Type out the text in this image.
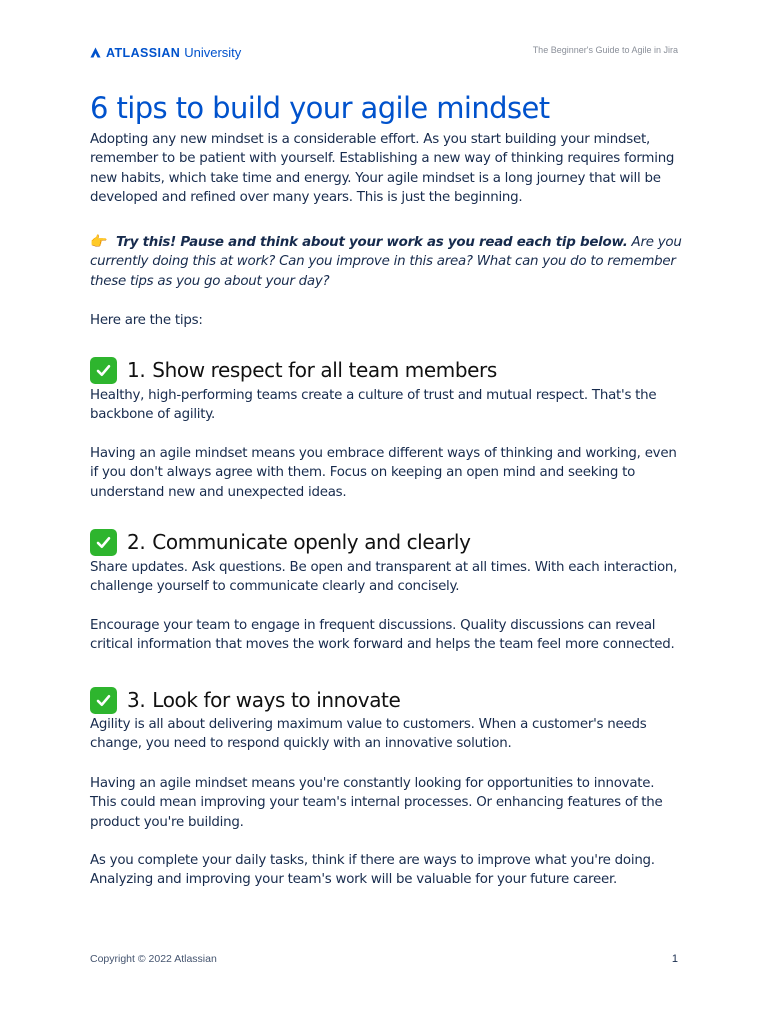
ATLASSIAN University	The Beginner's Guide to Agile in Jira
6 tips to build your agile mindset

Adopting any new mindset is a considerable effort. As you start building your mindset, remember to be patient with yourself. Establishing a new way of thinking requires forming new habits, which take time and energy. Your agile mindset is a long journey that will be developed and refined over many years. This is just the beginning.

👉 Try this! Pause and think about your work as you read each tip below. Are you currently doing this at work? Can you improve in this area? What can you do to remember these tips as you go about your day?

Here are the tips:

1. Show respect for all team members

Healthy, high-performing teams create a culture of trust and mutual respect. That's the backbone of agility.

Having an agile mindset means you embrace different ways of thinking and working, even if you don't always agree with them. Focus on keeping an open mind and seeking to understand new and unexpected ideas.

2. Communicate openly and clearly

Share updates. Ask questions. Be open and transparent at all times. With each interaction, challenge yourself to communicate clearly and concisely.

Encourage your team to engage in frequent discussions. Quality discussions can reveal critical information that moves the work forward and helps the team feel more connected.

3. Look for ways to innovate

Agility is all about delivering maximum value to customers. When a customer's needs change, you need to respond quickly with an innovative solution.

Having an agile mindset means you're constantly looking for opportunities to innovate. This could mean improving your team's internal processes. Or enhancing features of the product you're building.

As you complete your daily tasks, think if there are ways to improve what you're doing. Analyzing and improving your team's work will be valuable for your future career.

Copyright © 2022 Atlassian	1
